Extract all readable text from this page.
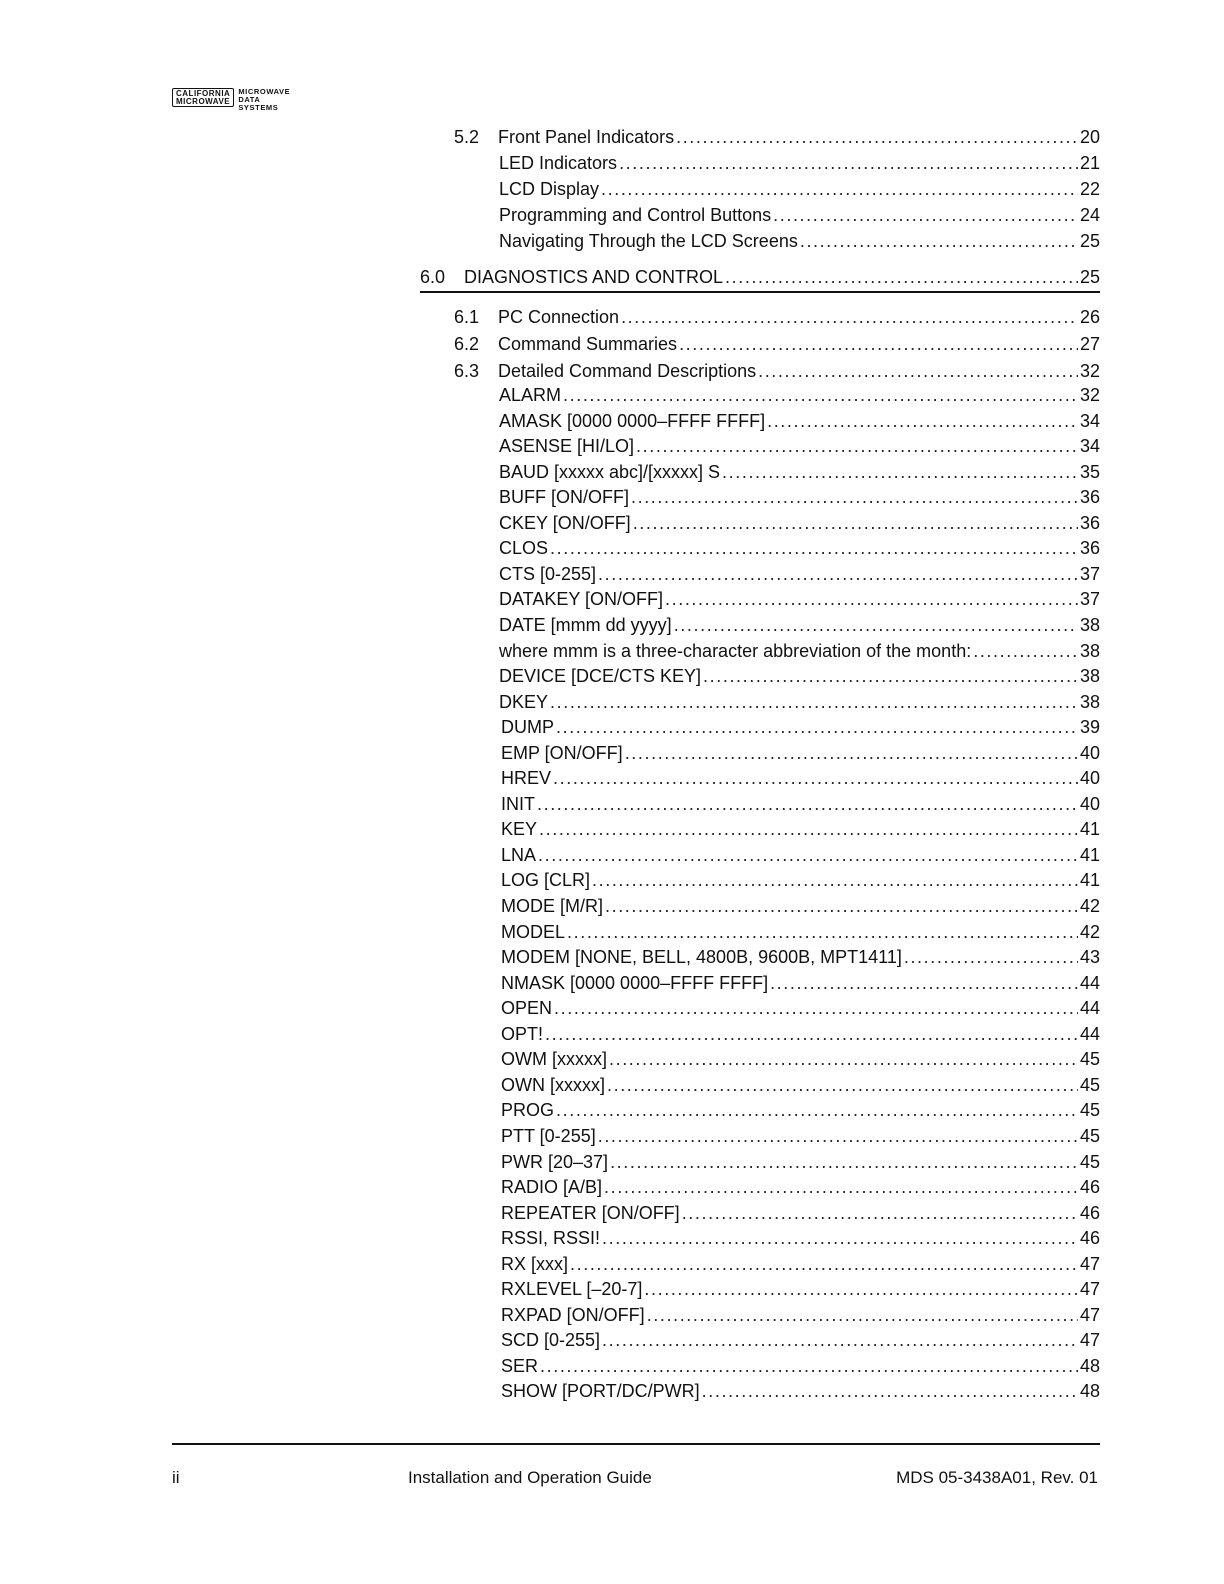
CALIFORNIA
MICROWAVE
MICROWAVE
DATA
SYSTEMS
5.2 Front Panel Indicators .....	20
LED Indicators .....	21
LCD Display .....	22
Programming and Control Buttons .....	24
Navigating Through the LCD Screens .....	25
6.0 DIAGNOSTICS AND CONTROL .....	25
6.1 PC Connection .....	26
6.2 Command Summaries .....	27
6.3 Detailed Command Descriptions .....	32
ALARM .....	32
AMASK [0000 0000–FFFF FFFF] .....	34
ASENSE [HI/LO] .....	34
BAUD [xxxxx abc]/[xxxxx] S .....	35
BUFF [ON/OFF] .....	36
CKEY [ON/OFF] .....	36
CLOS .....	36
CTS [0-255] .....	37
DATAKEY [ON/OFF] .....	37
DATE [mmm dd yyyy] .....	38
where mmm is a three-character abbreviation of the month: .....	38
DEVICE [DCE/CTS KEY] .....	38
DKEY .....	38
DUMP .....	39
EMP [ON/OFF] .....	40
HREV .....	40
INIT .....	40
KEY .....	41
LNA .....	41
LOG [CLR] .....	41
MODE [M/R] .....	42
MODEL .....	42
MODEM [NONE, BELL, 4800B, 9600B, MPT1411] .....	43
NMASK [0000 0000–FFFF FFFF] .....	44
OPEN .....	44
OPT! .....	44
OWM [xxxxx] .....	45
OWN [xxxxx] .....	45
PROG .....	45
PTT [0-255] .....	45
PWR [20–37] .....	45
RADIO [A/B] .....	46
REPEATER [ON/OFF] .....	46
RSSI, RSSI! .....	46
RX [xxx] .....	47
RXLEVEL [–20-7] .....	47
RXPAD [ON/OFF] .....	47
SCD [0-255] .....	47
SER .....	48
SHOW [PORT/DC/PWR] .....	48
ii	Installation and Operation Guide	MDS 05-3438A01, Rev. 01
